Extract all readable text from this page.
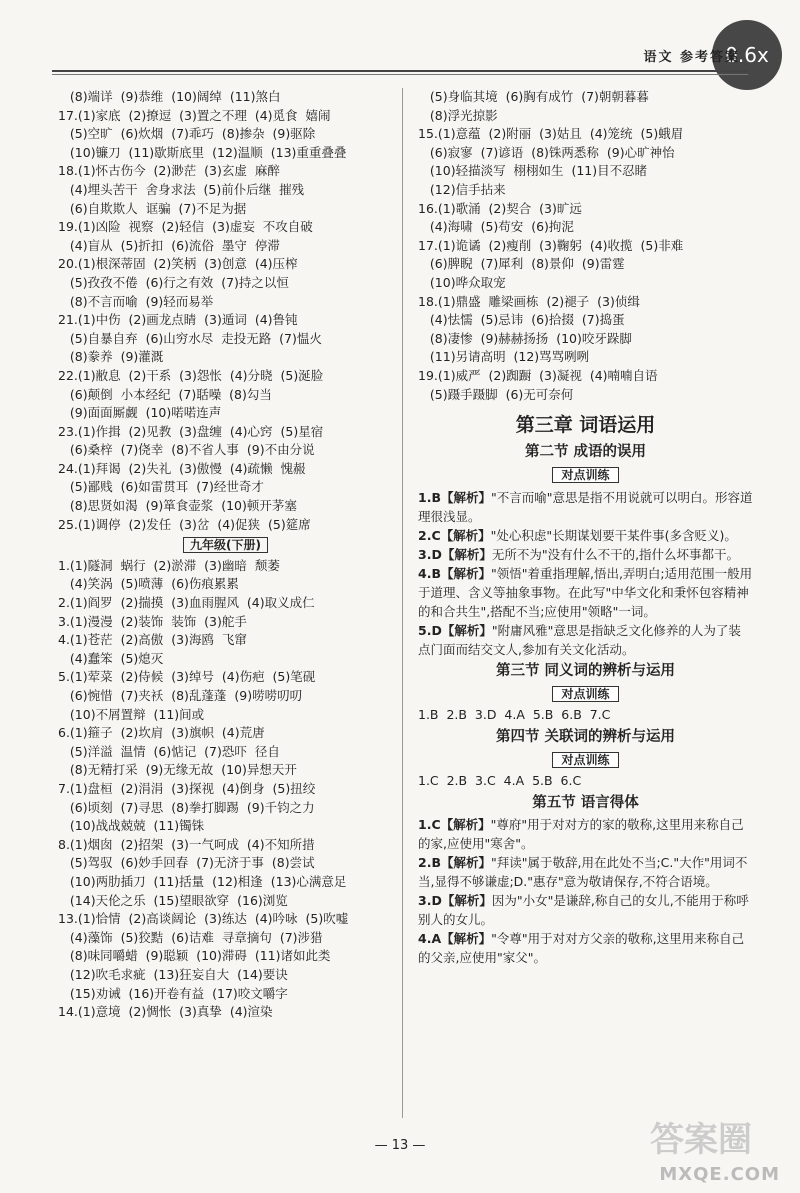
0.6x
语文 参考答案
(8)端详  (9)恭维  (10)阔绰  (11)煞白
17.(1)家底  (2)撩逗  (3)置之不理  (4)觅食  嬉闹
(5)空旷  (6)炊烟  (7)乖巧  (8)掺杂  (9)驱除
(10)镰刀  (11)歇斯底里  (12)温顺  (13)重重叠叠
18.(1)怀古伤今  (2)渺茫  (3)玄虚  麻醉
(4)埋头苦干  舍身求法  (5)前仆后继  摧残
(6)自欺欺人  诓骗  (7)不足为据
19.(1)凶险  视察  (2)轻信  (3)虚妄  不攻自破
(4)盲从  (5)折扣  (6)流俗  墨守  停滞
20.(1)根深蒂固  (2)笑柄  (3)创意  (4)压榨
(5)孜孜不倦  (6)行之有效  (7)持之以恒
(8)不言而喻  (9)轻而易举
21.(1)中伤  (2)画龙点睛  (3)遁词  (4)鲁钝
(5)自暴自弃  (6)山穷水尽  走投无路  (7)愠火
(8)豢养  (9)灌溉
22.(1)敝息  (2)干系  (3)怨怅  (4)分晓  (5)涎脸
(6)颠倒  小本经纪  (7)聒噪  (8)勾当
(9)面面厮觑  (10)喏喏连声
23.(1)作揖  (2)见教  (3)盘缠  (4)心窍  (5)星宿
(6)桑梓  (7)侥幸  (8)不省人事  (9)不由分说
24.(1)拜谒  (2)失礼  (3)傲慢  (4)疏懒  愧赧
(5)鄙贱  (6)如雷贯耳  (7)经世奇才
(8)思贤如渴  (9)箪食壶浆  (10)顿开茅塞
25.(1)调停  (2)发任  (3)岔  (4)促狭  (5)筵席
九年级(下册)
1.(1)隧洞  蜗行  (2)淤滞  (3)幽暗  颓萎
(4)笑涡  (5)喷薄  (6)伤痕累累
2.(1)阎罗  (2)揣摸  (3)血雨腥风  (4)取义成仁
3.(1)漫漫  (2)装饰  装饰  (3)舵手
4.(1)苍茫  (2)高傲  (3)海鸥  飞窜
(4)蠢笨  (5)熄灭
5.(1)荤菜  (2)侍候  (3)绰号  (4)伤疤  (5)笔砚
(6)惋惜  (7)夹袄  (8)乱蓬蓬  (9)唠唠叨叨
(10)不屑置辩  (11)间或
6.(1)箍子  (2)坎肩  (3)旗帜  (4)荒唐
(5)洋溢  温情  (6)惦记  (7)恐吓  径自
(8)无精打采  (9)无缘无故  (10)异想天开
7.(1)盘桓  (2)涓涓  (3)探视  (4)倒身  (5)扭绞
(6)顷刻  (7)寻思  (8)拳打脚踢  (9)千钧之力
(10)战战兢兢  (11)镯铢
8.(1)烟囱  (2)招架  (3)一气呵成  (4)不知所措
(5)驾驭  (6)妙手回春  (7)无济于事  (8)尝试
(10)两肋插刀  (11)括量  (12)相逢  (13)心满意足
(14)天伦之乐  (15)望眼欲穿  (16)浏览
13.(1)恰情  (2)高谈阔论  (3)练达  (4)吟咏  (5)吹嘘
(4)藻饰  (5)狡黠  (6)诘难  寻章摘句  (7)涉猎
(8)味同嚼蜡  (9)聪颖  (10)滞碍  (11)诸如此类
(12)吹毛求疵  (13)狂妄自大  (14)要诀
(15)劝诫  (16)开卷有益  (17)咬文嚼字
14.(1)意境  (2)惆怅  (3)真挚  (4)渲染
(5)身临其境  (6)胸有成竹  (7)朝朝暮暮
(8)浮光掠影
15.(1)意蕴  (2)附丽  (3)姑且  (4)笼统  (5)蛾眉
(6)寂寥  (7)谚语  (8)铢两悉称  (9)心旷神怡
(10)轻描淡写  栩栩如生  (11)目不忍睹
(12)信手拈来
16.(1)歌涌  (2)契合  (3)旷远
(4)海啸  (5)苟安  (6)拘泥
17.(1)诡谲  (2)瘦削  (3)鞠躬  (4)收揽  (5)非难
(6)脾睨  (7)犀利  (8)景仰  (9)雷霆
(10)哗众取宠
18.(1)鼎盛  雕梁画栋  (2)褪子  (3)侦缉
(4)怯懦  (5)忌讳  (6)拾掇  (7)捣蛋
(8)凄惨  (9)赫赫扬扬  (10)咬牙跺脚
(11)另请高明  (12)骂骂咧咧
19.(1)威严  (2)踟蹰  (3)凝视  (4)喃喃自语
(5)蹑手蹑脚  (6)无可奈何
第三章 词语运用
第二节 成语的误用
对点训练
1.B【解析】"不言而喻"意思是指不用说就可以明白。形容道理很浅显。
2.C【解析】"处心积虑"长期谋划要干某件事(多含贬义)。
3.D【解析】无所不为"没有什么不干的,指什么坏事都干。
4.B【解析】"领悟"着重指理解,悟出,弄明白;适用范围一般用于道理、含义等抽象事物。在此写"中华文化和秉怀包容精神的和合共生",搭配不当;应使用"领略"一词。
5.D【解析】"附庸风雅"意思是指缺乏文化修养的人为了装点门面而结交文人,参加有关文化活动。
第三节 同义词的辨析与运用
对点训练
1.B  2.B  3.D  4.A  5.B  6.B  7.C
第四节 关联词的辨析与运用
对点训练
1.C  2.B  3.C  4.A  5.B  6.C
第五节 语言得体
1.C【解析】"尊府"用于对对方的家的敬称,这里用来称自己的家,应使用"寒舍"。
2.B【解析】"拜读"属于敬辞,用在此处不当;C."大作"用词不当,显得不够谦虚;D."惠存"意为敬请保存,不符合语境。
3.D【解析】因为"小女"是谦辞,称自己的女儿,不能用于称呼别人的女儿。
4.A【解析】"令尊"用于对对方父亲的敬称,这里用来称自己的父亲,应使用"家父"。
— 13 —	答案圈
MXQE.COM
